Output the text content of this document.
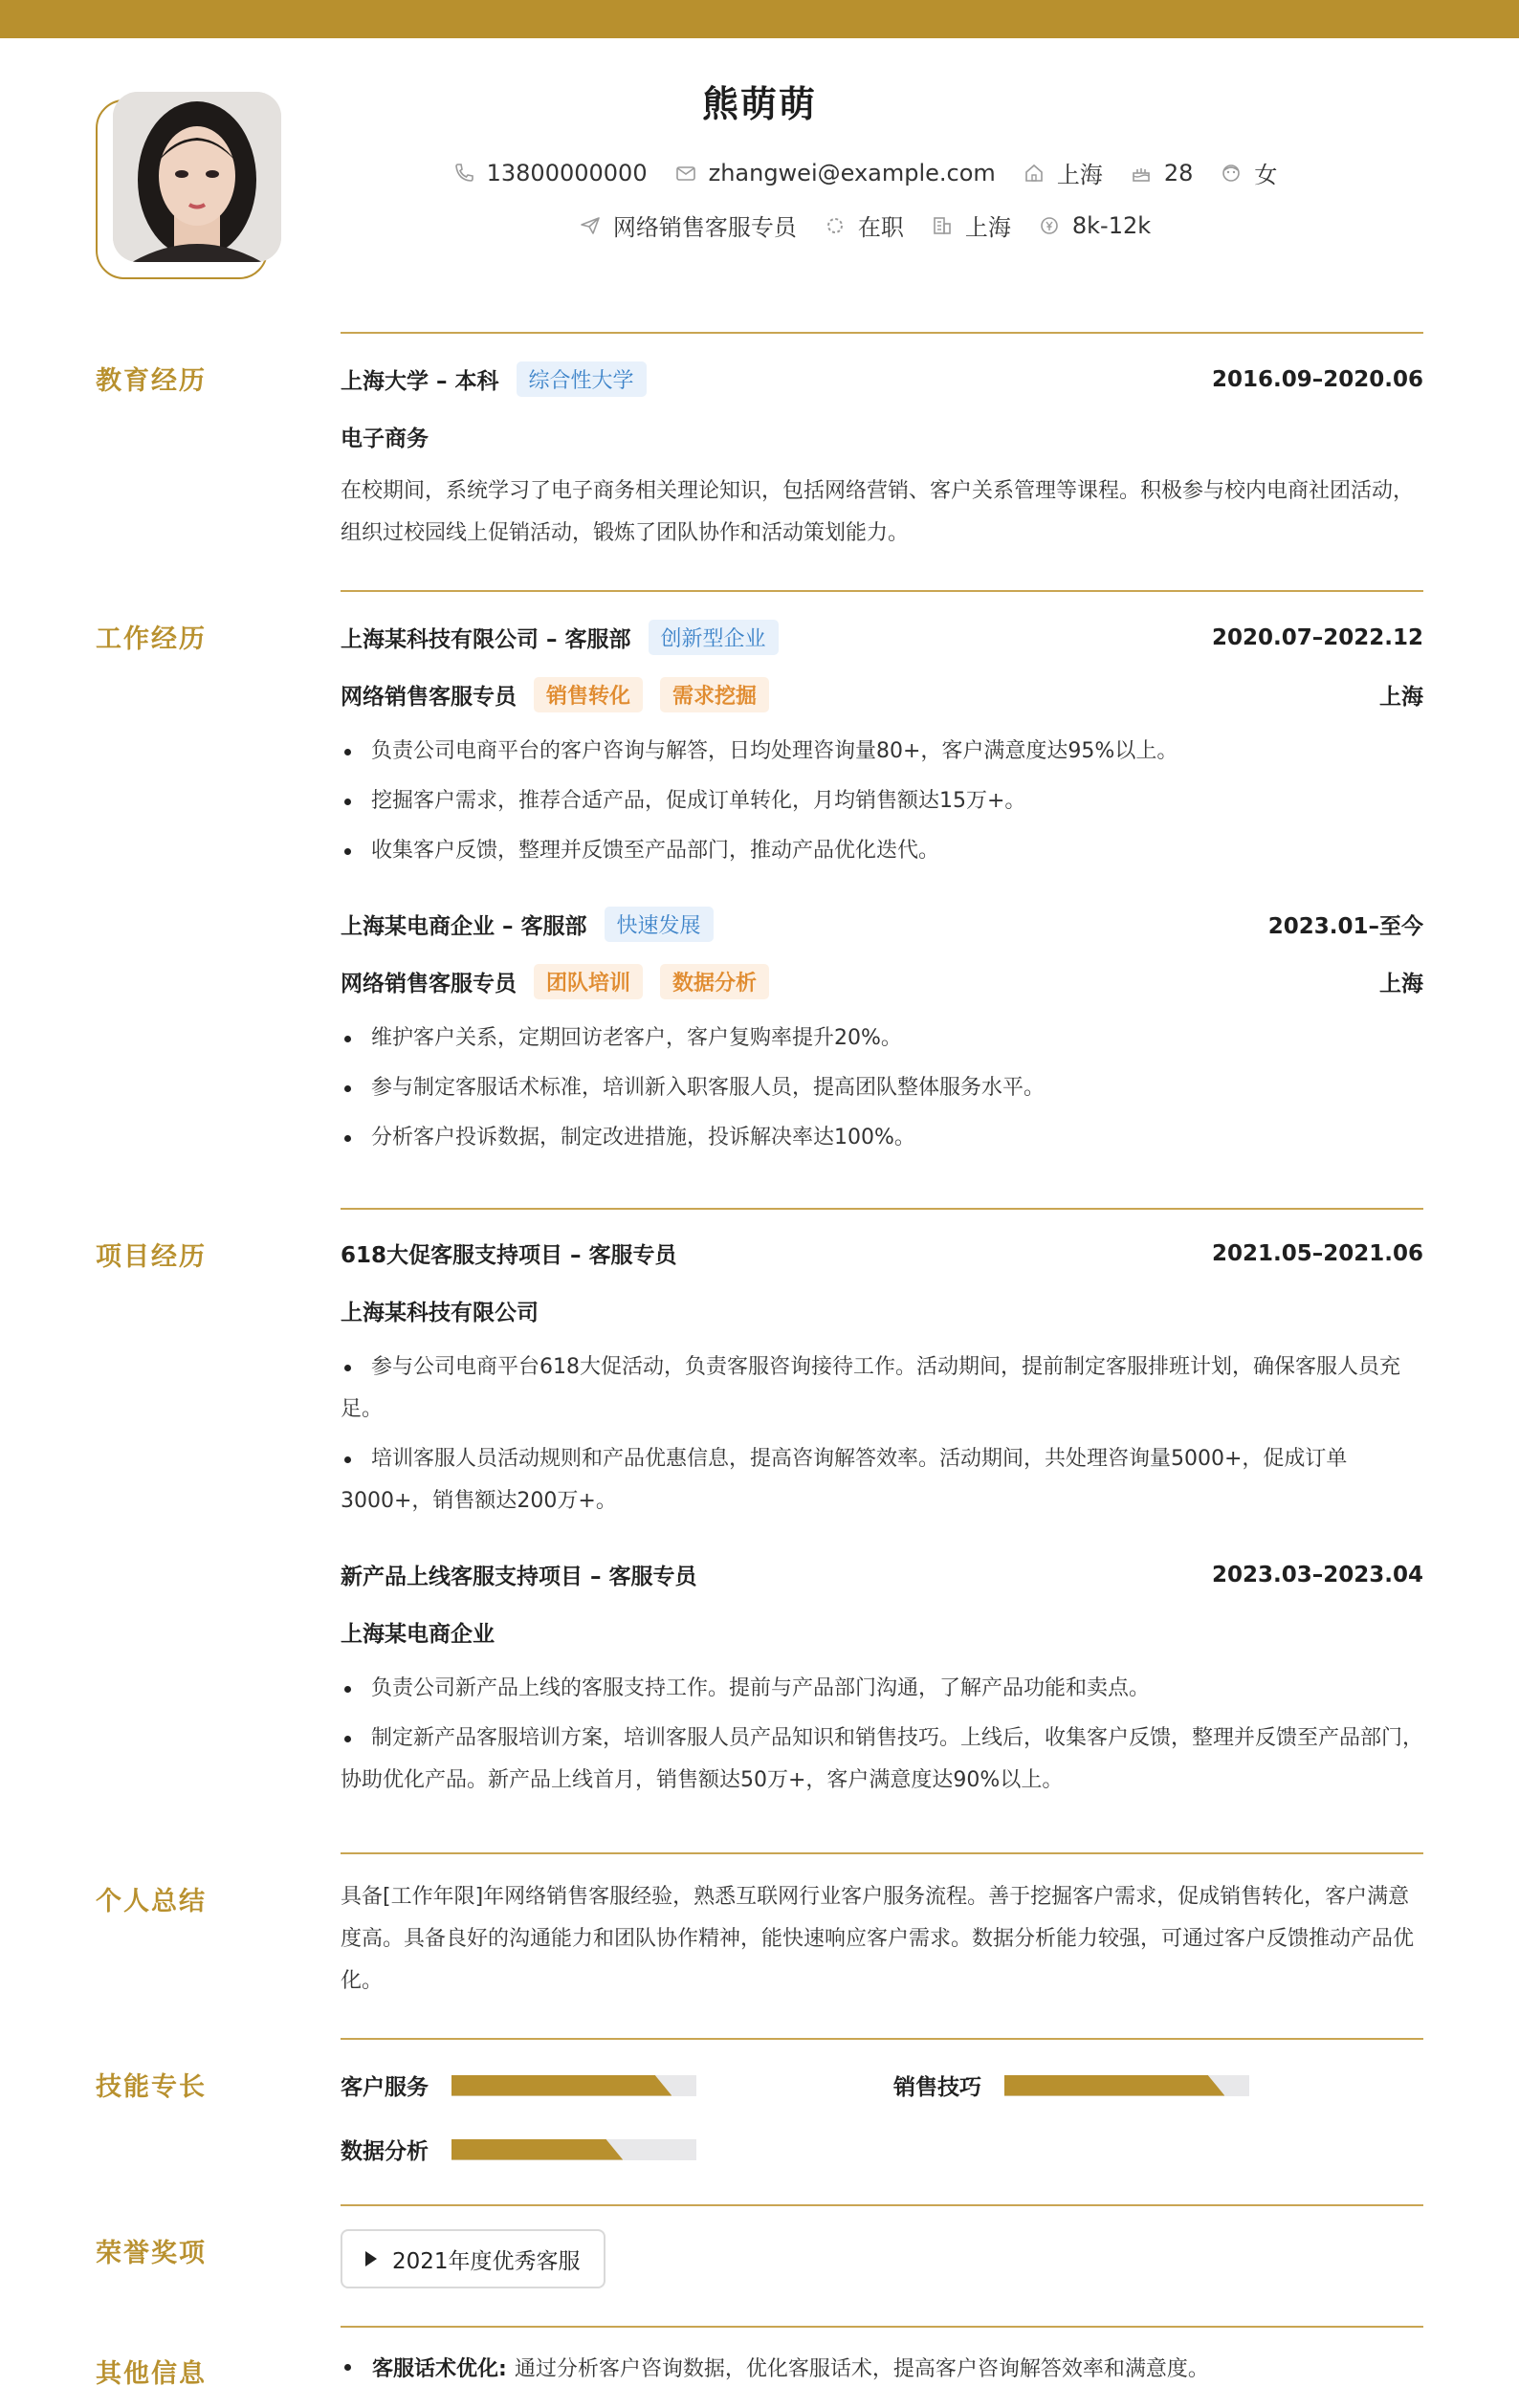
熊萌萌
13800000000	zhangwei@example.com	上海	28	女
网络销售客服专员	在职	上海	8k-12k
教育经历	上海大学 – 本科	综合性大学	2016.09–2020.06
电子商务
在校期间，系统学习了电子商务相关理论知识，包括网络营销、客户关系管理等课程。积极参与校内电商社团活动，组织过校园线上促销活动，锻炼了团队协作和活动策划能力。
工作经历	上海某科技有限公司 – 客服部	创新型企业	2020.07–2022.12
网络销售客服专员	销售转化	需求挖掘	上海
负责公司电商平台的客户咨询与解答，日均处理咨询量80+，客户满意度达95%以上。
挖掘客户需求，推荐合适产品，促成订单转化，月均销售额达15万+。
收集客户反馈，整理并反馈至产品部门，推动产品优化迭代。
上海某电商企业 – 客服部	快速发展	2023.01–至今
网络销售客服专员	团队培训	数据分析	上海
维护客户关系，定期回访老客户，客户复购率提升20%。
参与制定客服话术标准，培训新入职客服人员，提高团队整体服务水平。
分析客户投诉数据，制定改进措施，投诉解决率达100%。
项目经历	618大促客服支持项目 – 客服专员	2021.05–2021.06
上海某科技有限公司
参与公司电商平台618大促活动，负责客服咨询接待工作。活动期间，提前制定客服排班计划，确保客服人员充足。
培训客服人员活动规则和产品优惠信息，提高咨询解答效率。活动期间，共处理咨询量5000+，促成订单3000+，销售额达200万+。
新产品上线客服支持项目 – 客服专员	2023.03–2023.04
上海某电商企业
负责公司新产品上线的客服支持工作。提前与产品部门沟通，了解产品功能和卖点。
制定新产品客服培训方案，培训客服人员产品知识和销售技巧。上线后，收集客户反馈，整理并反馈至产品部门，协助优化产品。新产品上线首月，销售额达50万+，客户满意度达90%以上。
个人总结	具备[工作年限]年网络销售客服经验，熟悉互联网行业客户服务流程。善于挖掘客户需求，促成销售转化，客户满意度高。具备良好的沟通能力和团队协作精神，能快速响应客户需求。数据分析能力较强，可通过客户反馈推动产品优化。
技能专长	客户服务	销售技巧
数据分析
荣誉奖项	2021年度优秀客服
其他信息	客服话术优化: 通过分析客户咨询数据，优化客服话术，提高客户咨询解答效率和满意度。
